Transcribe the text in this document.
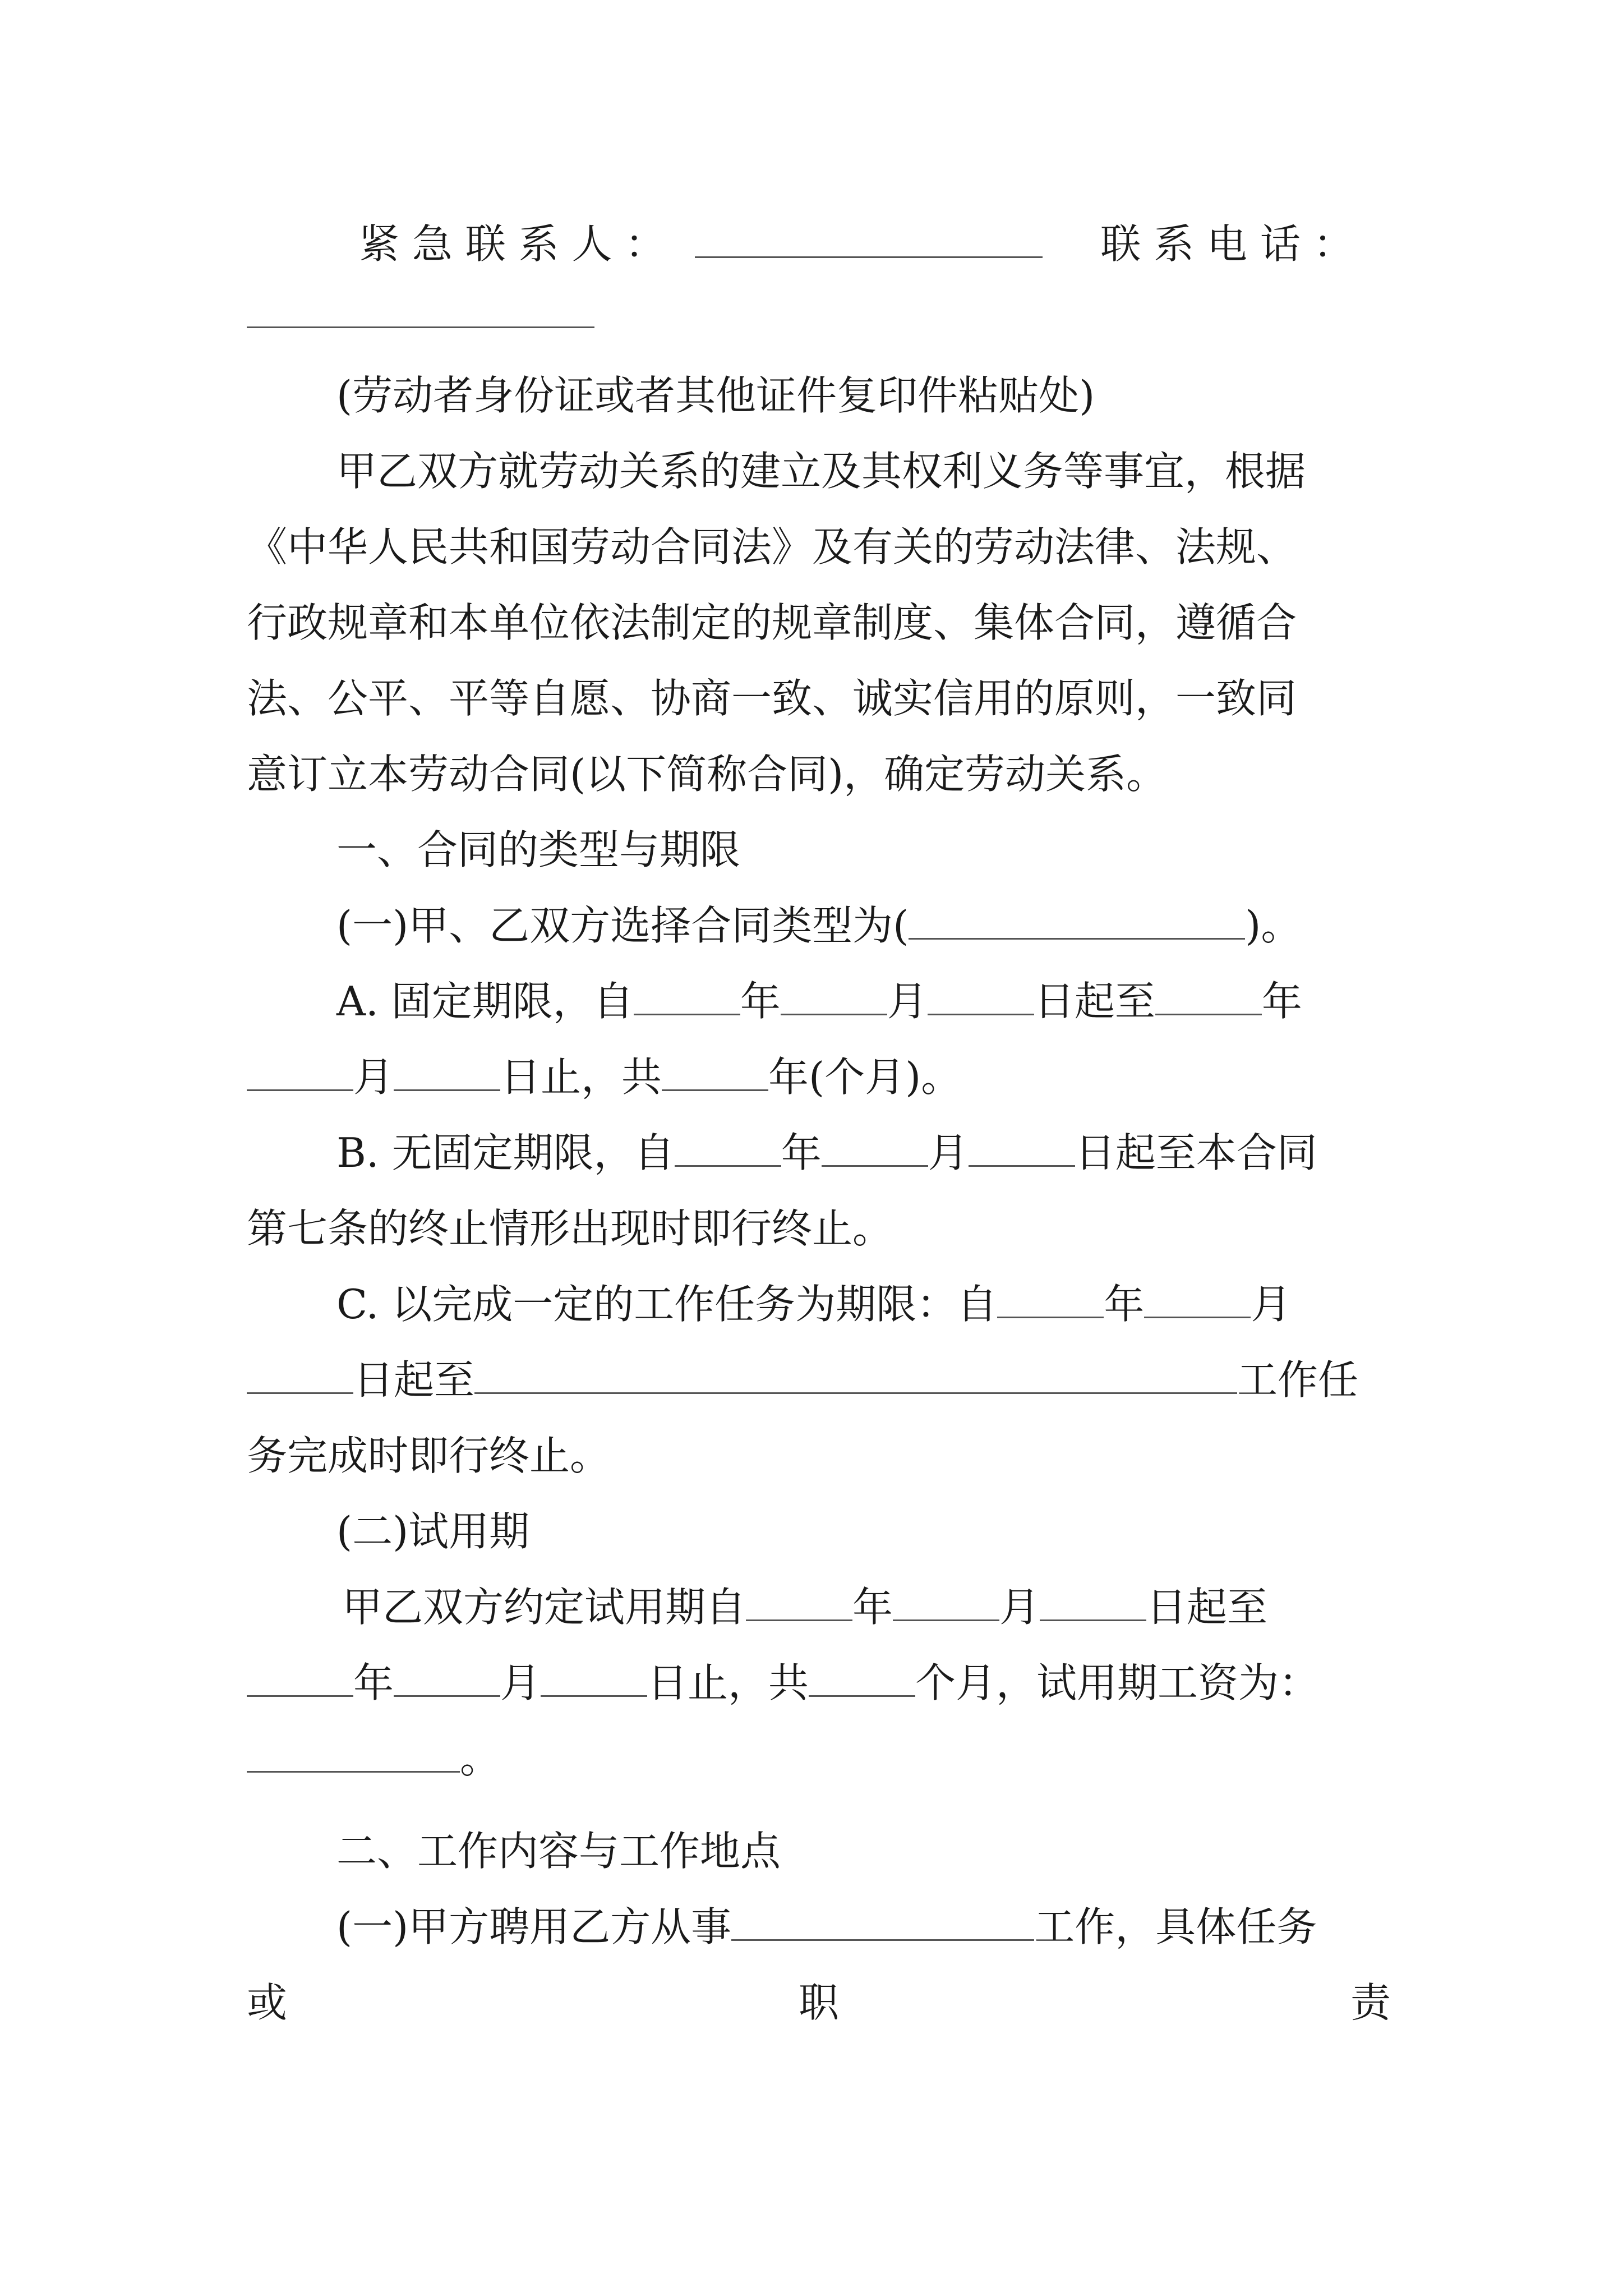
紧 急 联 系 人 ：	联 系 电 话 ：
(劳动者身份证或者其他证件复印件粘贴处)
甲乙双方就劳动关系的建立及其权利义务等事宜，根据
《中华人民共和国劳动合同法》及有关的劳动法律、法规、
行政规章和本单位依法制定的规章制度、集体合同，遵循合
法、公平、平等自愿、协商一致、诚实信用的原则，一致同
意订立本劳动合同(以下简称合同)，确定劳动关系。
一、合同的类型与期限
(一)甲、乙双方选择合同类型为(	)。
A. 固定期限，自	年	月	日起至	年
月	日止，共	年(个月)。
B. 无固定期限，自	年	月	日起至本合同
第七条的终止情形出现时即行终止。
C. 以完成一定的工作任务为期限：自	年	月
日起至	工作任
务完成时即行终止。
(二)试用期
甲乙双方约定试用期自	年	月	日起至
年	月	日止，共	个月，试用期工资为：
。
二、工作内容与工作地点
(一)甲方聘用乙方从事	工作，具体任务
或	职	责
